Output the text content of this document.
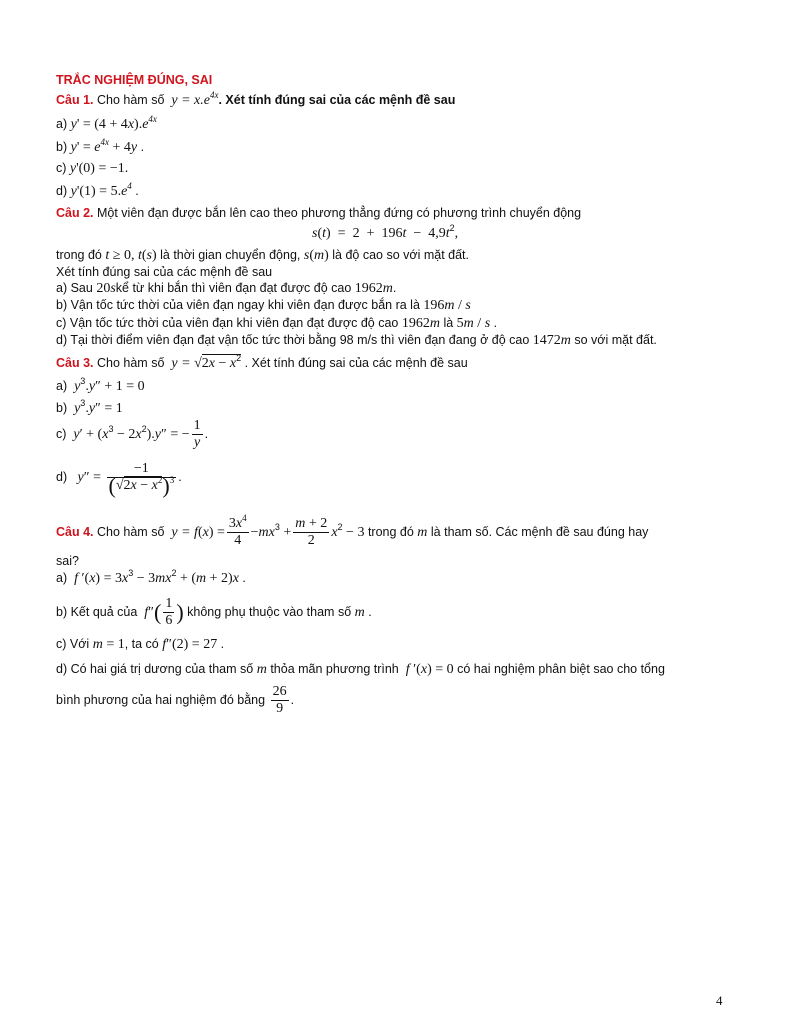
TRẮC NGHIỆM ĐÚNG, SAI
Câu 1. Cho hàm số  $y = x.e^{4x}$. Xét tính đúng sai của các mệnh đề sau
a) $y' = (4 + 4x).e^{4x}$
b) $y' = e^{4x} + 4y$ .
c) y'(0) = −1.
d) $y'(1) = 5.e^4$ .
Câu 2. Một viên đạn được bắn lên cao theo phương thẳng đứng có phương trình chuyển động
$s(t) = 2 + 196t - 4,9t^2$,
trong đó t ≥ 0, t(s) là thời gian chuyển động, s(m) là độ cao so với mặt đất.
Xét tính đúng sai của các mệnh đề sau
a) Sau 20skể từ khi bắn thì viên đạn đạt được độ cao 1962m.
b) Vận tốc tức thời của viên đạn ngay khi viên đạn được bắn ra là 196m / s
c) Vận tốc tức thời của viên đạn khi viên đạn đạt được độ cao 1962m là 5m / s .
d) Tại thời điểm viên đạn đạt vận tốc tức thời bằng 98 m/s thì viên đạn đang ở độ cao 1472m so với mặt đất.
Câu 3. Cho hàm số  $y = √2x - x^2$ . Xét tính đúng sai của các mệnh đề sau
a) $y^3.y'' + 1 = 0$
b) $y^3.y'' = 1$
c) $y' + (x^3 - 2x^2).y''$ = − $\frac{1}{y}$ .
d) $y'' = \frac{-1}{(√2x - x^2)^3}$ .
Câu 4. Cho hàm số  $y = f(x) = \frac{3x^4}{4} -mx^3 + \frac{m + 2}{2} x^2 - 3$ trong đó m là tham số. Các mệnh đề sau đúng hay
sai?
a) f $'(x) = 3x^3 - 3mx^2 + (m + 2)x$ .
b) Kết quả của $f''( \frac{1}{6}$ ) không phụ thuộc vào tham số m .
c) Với m = 1, ta có f″(2) = 27 .
d) Có hai giá trị dương của tham số m thỏa mãn phương trình f ′(x) = 0 có hai nghiệm phân biệt sao cho tổng
bình phương của hai nghiệm đó bằng $\frac{26}{9}$ .
4
